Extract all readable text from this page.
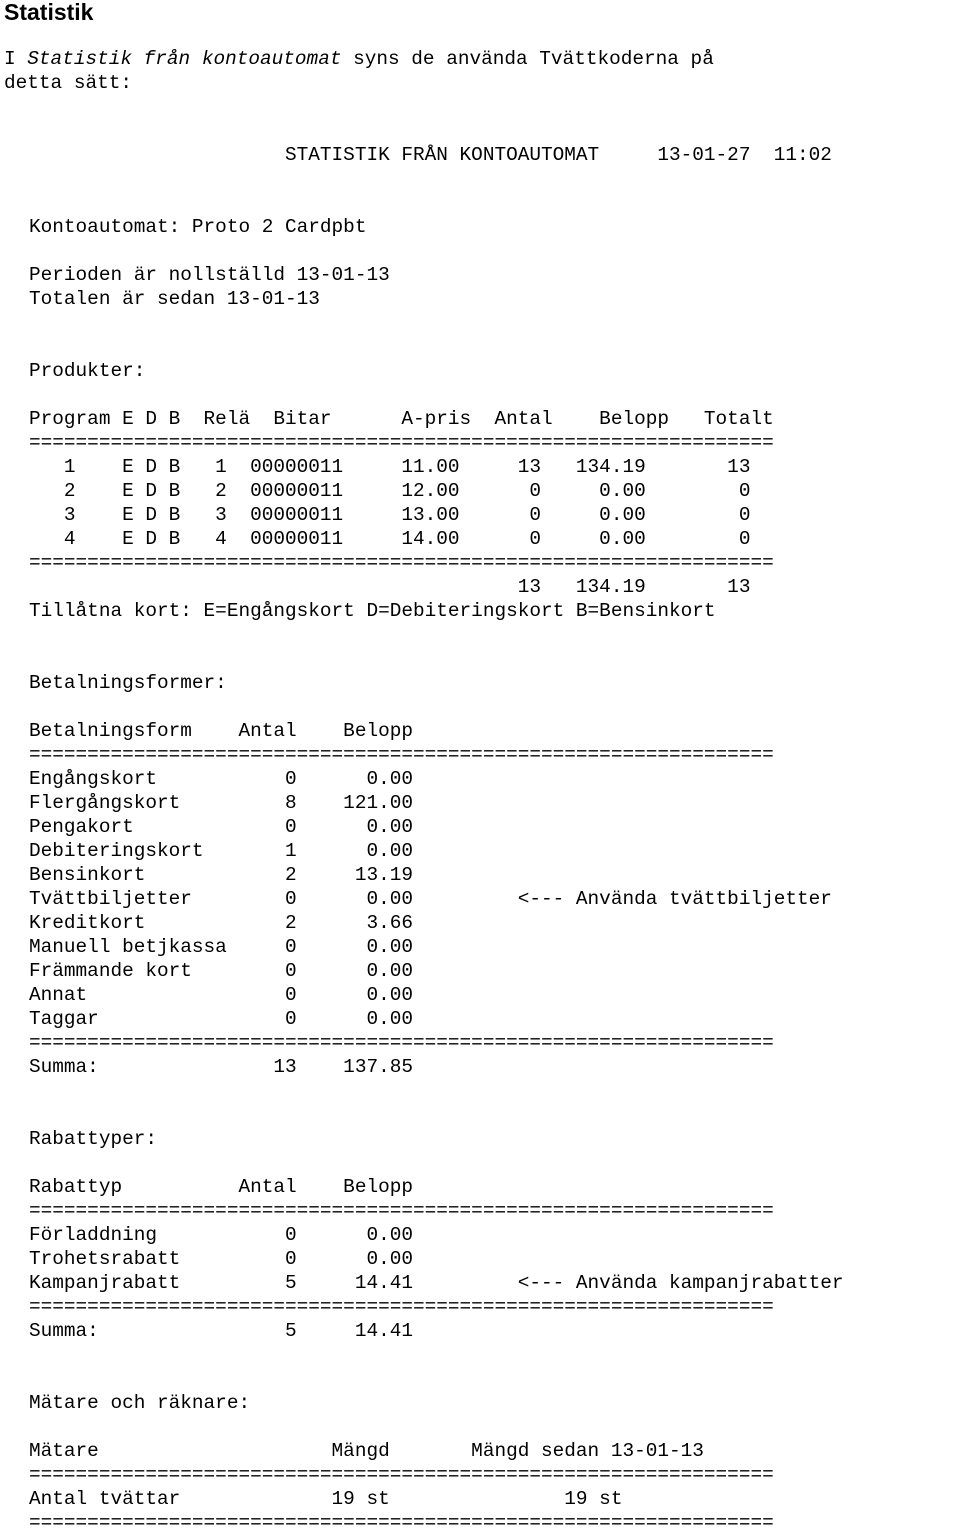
Statistik

I Statistik från kontoautomat syns de använda Tvättkoderna på
detta sätt:

STATISTIK FRÅN KONTOAUTOMAT     13-01-27  11:02
Kontoautomat: Proto 2 Cardpbt
Perioden är nollställd 13-01-13
Totalen är sedan 13-01-13
Produkter:
Program E D B  Relä  Bitar      A-pris  Antal    Belopp   Totalt
================================================================
1    E D B   1  00000011     11.00     13   134.19       13
2    E D B   2  00000011     12.00      0     0.00        0
3    E D B   3  00000011     13.00      0     0.00        0
4    E D B   4  00000011     14.00      0     0.00        0
================================================================
13   134.19       13
Tillåtna kort: E=Engångskort D=Debiteringskort B=Bensinkort
Betalningsformer:
Betalningsform    Antal    Belopp
================================================================
Engångskort           0      0.00
Flergångskort         8    121.00
Pengakort             0      0.00
Debiteringskort       1      0.00
Bensinkort            2     13.19
Tvättbiljetter        0      0.00         <--- Använda tvättbiljetter
Kreditkort            2      3.66
Manuell betjkassa     0      0.00
Främmande kort        0      0.00
Annat                 0      0.00
Taggar                0      0.00
================================================================
Summa:               13    137.85
Rabattyper:
Rabattyp          Antal    Belopp
================================================================
Förladdning           0      0.00
Trohetsrabatt         0      0.00
Kampanjrabatt         5     14.41         <--- Använda kampanjrabatter
================================================================
Summa:                5     14.41
Mätare och räknare:
Mätare                    Mängd       Mängd sedan 13-01-13
================================================================
Antal tvättar             19 st               19 st
================================================================
